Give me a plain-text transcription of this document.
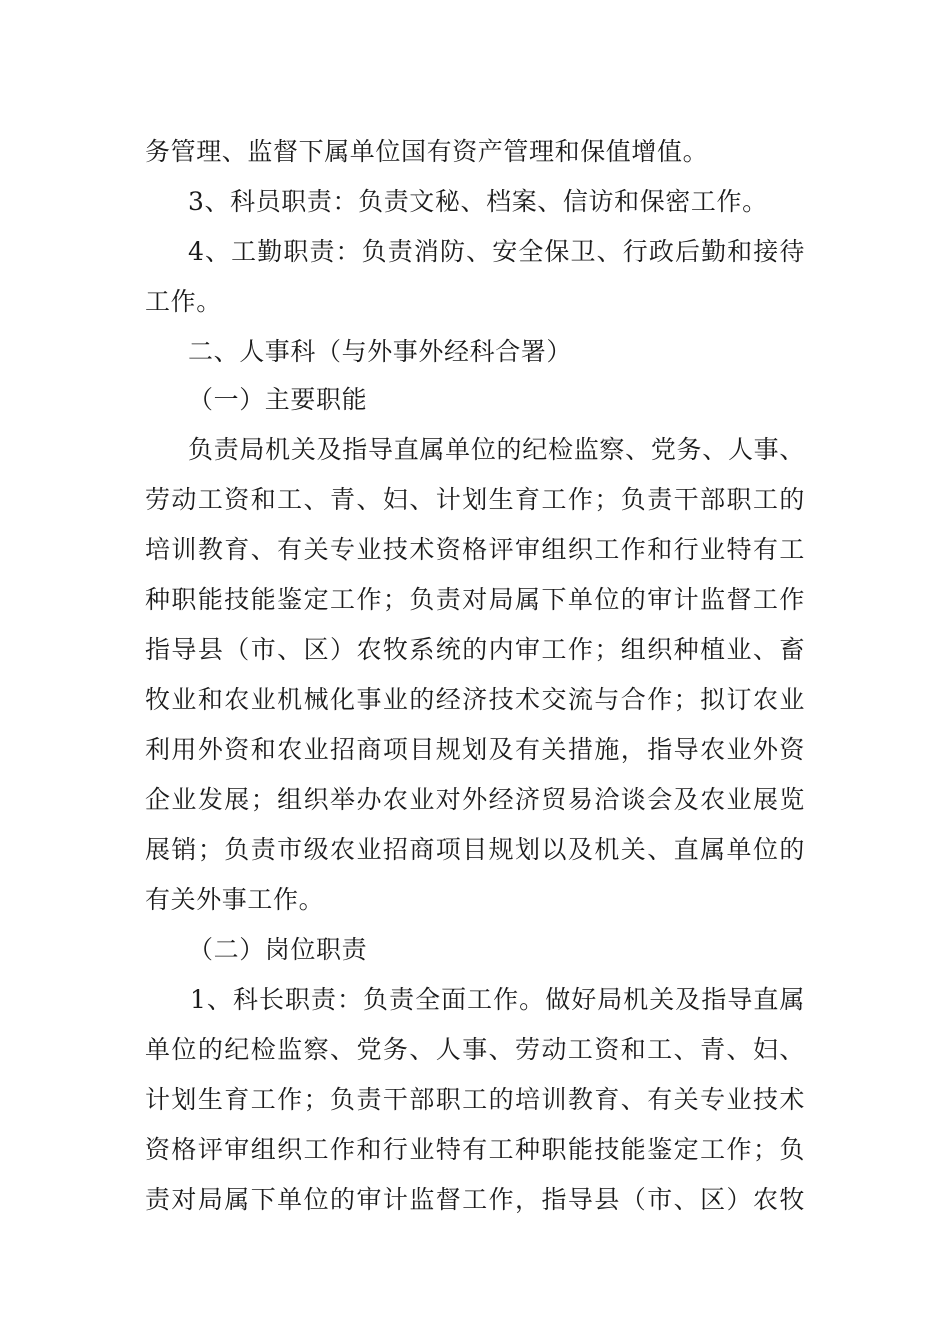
务管理、监督下属单位国有资产管理和保值增值。
3、科员职责：负责文秘、档案、信访和保密工作。
4、工勤职责：负责消防、安全保卫、行政后勤和接待
工作。
二、人事科（与外事外经科合署）
（一）主要职能
负责局机关及指导直属单位的纪检监察、党务、人事、
劳动工资和工、青、妇、计划生育工作；负责干部职工的
培训教育、有关专业技术资格评审组织工作和行业特有工
种职能技能鉴定工作；负责对局属下单位的审计监督工作
指导县（市、区）农牧系统的内审工作；组织种植业、畜
牧业和农业机械化事业的经济技术交流与合作；拟订农业
利用外资和农业招商项目规划及有关措施，指导农业外资
企业发展；组织举办农业对外经济贸易洽谈会及农业展览
展销；负责市级农业招商项目规划以及机关、直属单位的
有关外事工作。
（二）岗位职责
1、科长职责：负责全面工作。做好局机关及指导直属
单位的纪检监察、党务、人事、劳动工资和工、青、妇、
计划生育工作；负责干部职工的培训教育、有关专业技术
资格评审组织工作和行业特有工种职能技能鉴定工作；负
责对局属下单位的审计监督工作，指导县（市、区）农牧
